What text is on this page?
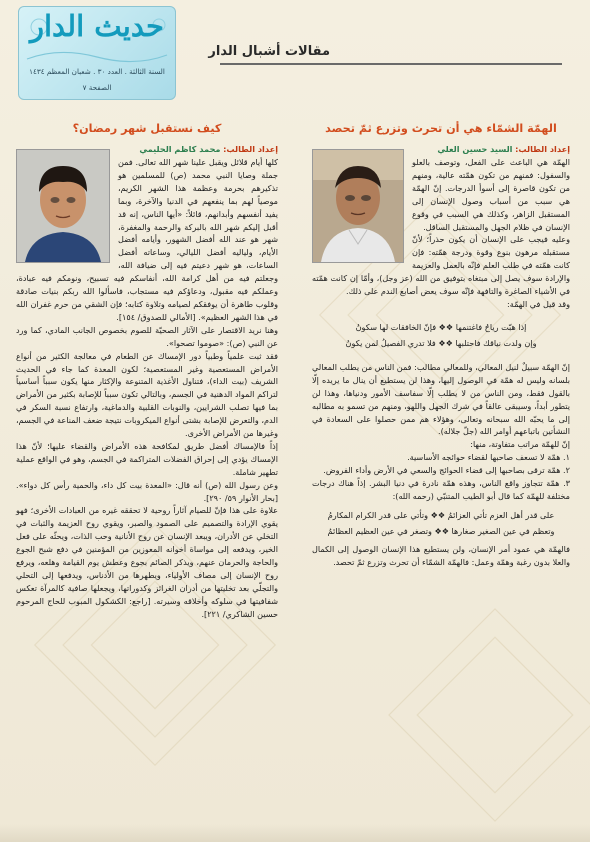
حديث الدار
السنة الثالثة . العدد ٣٠ . شعبان المعظم ١٤٣٤
الصفحة ٧
مقالات أشبال الدار
الهمّة الشمّاء هي أن تحرث وتزرع ثمّ تحصد

إعداد الطالب: السيد حسين العلي

الهمّة هي الباعث على الفعل، وتوصف بالعلو والسفول: فمنهم من تكون همّته عالية، ومنهم من تكون قاصرة إلى أسوأ الدرجات. إنّ الهمّة هي سبب من أسباب وصول الإنسان إلى المستقبل الزاهر، وكذلك هي السبب في وقوع الإنسان في ظلام الجهل والمستقبل الساقل.

وعليه فيجب على الإنسان أن يكون حذراً؛ لأنّ مستقبله مرهون بنوع وقوة ودرجة همّته: فإن كانت همّته في طلب العلم فإنّه بالعمل والعزيمة والإرادة سوف يصل إلى مبتغاه بتوفيق من الله (عز وجل)، وأمّا إن كانت همّته في الأشياء الصاغرة والتافهة فإنّه سوف يعض أصابع الندم على ذلك.

وقد قيل في الهمّة:

إذا هبّت رياحُ فاغتنمها ❖❖ فإنّ الخافقات لها سكونُ
وإن ولدت نياقك فاحتلبها ❖❖ فلا تدري الفصيلُ لمن يكونُ

إنّ الهمّة سبيلٌ لنيل المعالي، وللمعالي مطالب: فمن الناس من يطلب المعالي بلسانه وليس له همّة في الوصول إليها، وهذا لن يستطيع أن ينال ما يريده إلّا بالقول فقط، ومن الناس من لا يطلب إلّا سفاسف الأمور ودنياها، وهذا لن يتطور أبداً، وسيبقى عالقاً في شرك الجهل واللهو، ومنهم من تسمو به مطالبه إلى ما يحبّه الله سبحانه وتعالى، وهؤلاء هم ممن حصلوا على السعادة في النشأتين باتباعهم أوامر الله (جلّ جلاله).

إنّ للهمّة مراتب متفاوتة، منها:

١. همّة لا تسعف صاحبها لقضاء حوائجه الأساسية.
٢. همّة ترقى بصاحبها إلى قضاء الحوائج والسعي في الأرض وأداء الفروض.
٣. همّة تتجاوز واقع الناس، وهذه همّة نادرة في دنيا البشر. إذاً هناك درجات مختلفة للهمّة كما قال أبو الطيب المتنبّي (رحمه الله):
على قدر أهل العزم تأتي العزائمُ ❖❖ وتأتي على قدر الكرام المكارمُ
وتعظم في عين الصغير صغارها ❖❖ وتصغر في عين العظيم العظائمُ

فالهمّة هي عمود أمر الإنسان، ولن يستطيع هذا الإنسان الوصول إلى الكمال والعلا بدون رغبة وهمّة وعمل: فالهمّة الشمّاء أن تحرث وتزرع ثمّ تحصد.

كيف نستقبل شهر رمضان؟

إعداد الطالب: محمد كاظم الحليمي

كلها أيام قلائل ويقبل علينا شهر الله تعالى. فمن جملة وصايا النبي محمد (ص) للمسلمين هو تذكيرهم بحرمة وعظمة هذا الشهر الكريم، موصياً لهم بما ينفعهم في الدنيا والآخرة، وبما يفيد أنفسهم وأبدانهم، قائلاً: «أيها الناس، إنه قد أقبل إليكم شهر الله بالبركة والرحمة والمغفرة، شهر هو عند الله أفضل الشهور، وأيامه أفضل الأيام، ولياليه أفضل الليالي، وساعاته أفضل الساعات، هو شهر دعيتم فيه إلى ضيافة الله، وجعلتم فيه من أهل كرامة الله، أنفاسكم فيه تسبيح، ونومكم فيه عبادة، وعملكم فيه مقبول، ودعاؤكم فيه مستجاب، فاسألوا الله ربكم بنيات صادقة وقلوب طاهرة أن يوفقكم لصيامه وتلاوة كتابه؛ فإن الشقي من حرم غفران الله في هذا الشهر العظيم». [الأمالي للصدوق/ ١٥٤].

وهنا نريد الاقتصار على الآثار الصحيّة للصوم بخصوص الجانب المادي، كما ورد عن النبي (ص): «صوموا تصحوا».

فقد ثبت علمياً وطبياً دور الإمساك عن الطعام في معالجة الكثير من أنواع الأمراض المستعصية وغير المستعصية؛ لكون المعدة كما جاء في الحديث الشريف (بيت الداء)، فتناول الأغذية المتنوعة والإكثار منها يكون سبباً أساسياً لتراكم المواد الدهنية في الجسم، وبالتالي تكون سبباً للإصابة بكثير من الأمراض بما فيها تصلب الشرايين، والنوبات القلبية والدماغية، وارتفاع نسبة السكر في الدم، والتعرض للإصابة بشتى أنواع الميكروبات نتيجة ضعف المناعة في الجسم، وغيرها من الأمراض الأخرى.

إذاً فالإمساك أفضل طريق لمكافحة هذه الأمراض والقضاء عليها؛ لأنّ هذا الإمساك يؤدي إلى إحراق الفضلات المتراكمة في الجسم، وهو في الواقع عملية تطهير شاملة.

وعن رسول الله (ص) أنه قال: «المعدة بيت كل داء، والحمية رأس كل دواء». [بحار الأنوار ٥٩/ ٢٩٠].

علاوة على هذا فإنّ للصيام آثاراً روحية لا تحققه غيره من العبادات الأخرى؛ فهو يقوي الإرادة والتصميم على الصمود والصبر، ويقوي روح العزيمة والثبات في التخلي عن الأدران، ويبعد الإنسان عن روح الأنانية وحب الذات، ويحثّه على فعل الخير، ويدفعه إلى مواساة أخوانه المعوزين من المؤمنين في دفع شبح الجوع والحاجة والحرمان عنهم، ويذكر الصائم بجوع وعطش يوم القيامة وهلعه، ويرفع روح الإنسان إلى مصاف الأولياء، ويطهرها من الأدناس، ويدفعها إلى التحلي والتجلّي بعد تخليتها من أدران الغرائز وكدوراتها، ويجعلها صافية كالمرآة تعكس شفافيتها في سلوكه وأخلاقه وسيرته. [راجع: الكشكول المبوب للحاج المرحوم حسين الشاكري/ ٢٢١].
